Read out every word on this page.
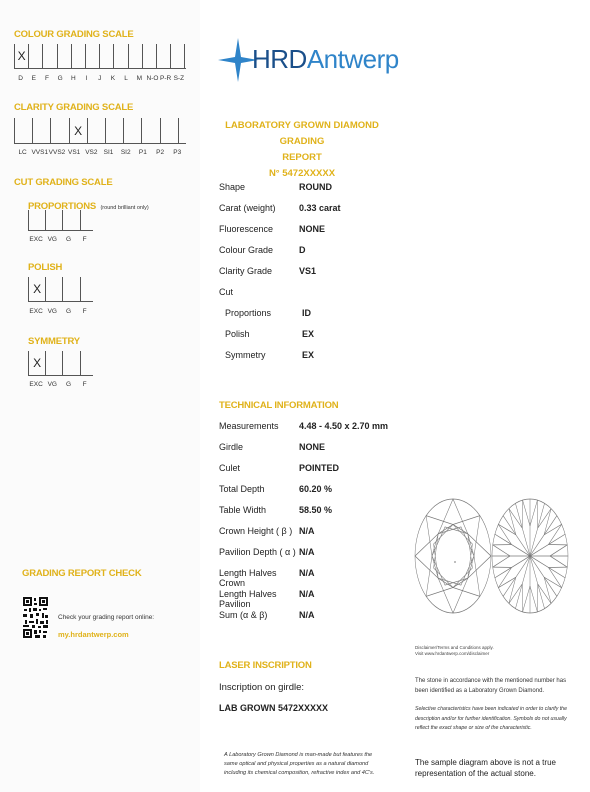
COLOUR GRADING SCALE
X
D	E	F	G	H	I	J	K	L	M N-O P-R S-Z
CLARITY GRADING SCALE
X
LC VVS1 VVS2 VS1 VS2 SI1	SI2	P1	P2	P3
CUT GRADING SCALE
PROPORTIONS (round brilliant only)
EXC VG	G	F
POLISH
X
EXC VG	G	F
SYMMETRY
X
EXC VG	G	F
GRADING REPORT CHECK
Check your grading report online:
my.hrdantwerp.com
HRDAntwerp
LABORATORY GROWN DIAMOND GRADING
REPORT
N° 5472XXXXX
Shape	ROUND
Carat (weight)	0.33 carat
Fluorescence	NONE
Colour Grade	D
Clarity Grade	VS1
Cut
Proportions	ID
Polish	EX
Symmetry	EX
TECHNICAL INFORMATION
Measurements	4.48 - 4.50 x 2.70 mm
Girdle	NONE
Culet	POINTED
Total Depth	60.20 %
Table Width	58.50 %
Crown Height ( β ) N/A
Pavilion Depth ( α ) N/A
Length Halves Crown
N/A
Length Halves Pavilion
N/A
Sum (α & β)	N/A
LASER INSCRIPTION
Inscription on girdle:
LAB GROWN 5472XXXXX
A Laboratory Grown Diamond is man-made but features the same optical and physical properties as a natural diamond including its chemical composition, refractive index and 4C's.
Disclaimer/Terms and Conditions apply.
Visit www.hrdantwerp.com/disclaimer
The stone in accordance with the mentioned number has been identified as a Laboratory Grown Diamond.
Selective characteristics have been indicated in order to clarify the description and/or for further identification. Symbols do not usually reflect the exact shape or size of the characteristic.
The sample diagram above is not a true representation of the actual stone.
